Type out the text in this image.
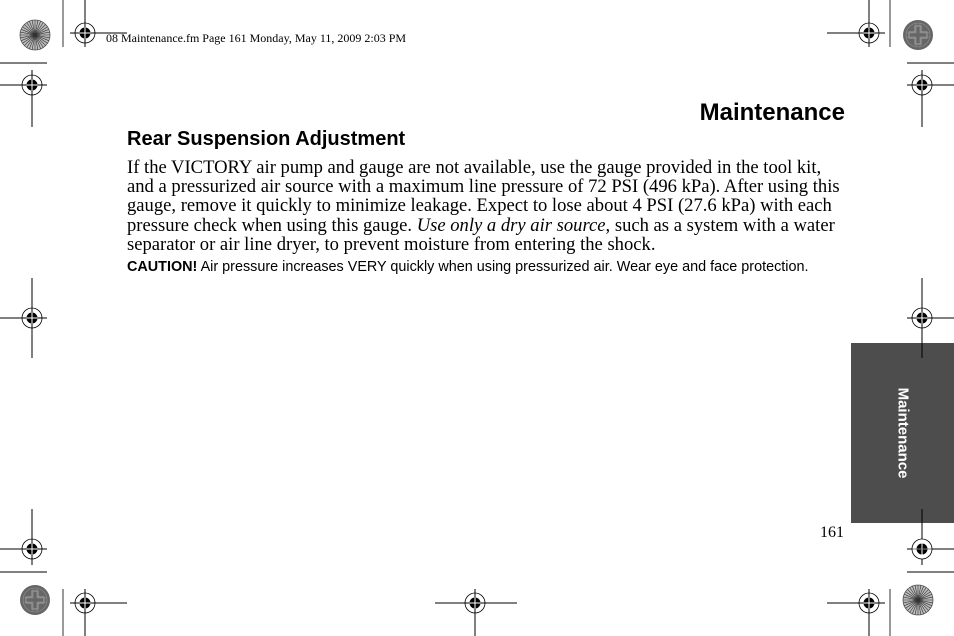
08 Maintenance.fm Page 161 Monday, May 11, 2009 2:03 PM
Maintenance
Rear Suspension Adjustment

If the VICTORY air pump and gauge are not available, use the gauge provided in the tool kit, and a pressurized air source with a maximum line pressure of 72 PSI (496 kPa). After using this gauge, remove it quickly to minimize leakage. Expect to lose about 4 PSI (27.6 kPa) with each pressure check when using this gauge. Use only a dry air source, such as a system with a water separator or air line dryer, to prevent moisture from entering the shock.

CAUTION! Air pressure increases VERY quickly when using pressurized air. Wear eye and face protection.
Maintenance
161
